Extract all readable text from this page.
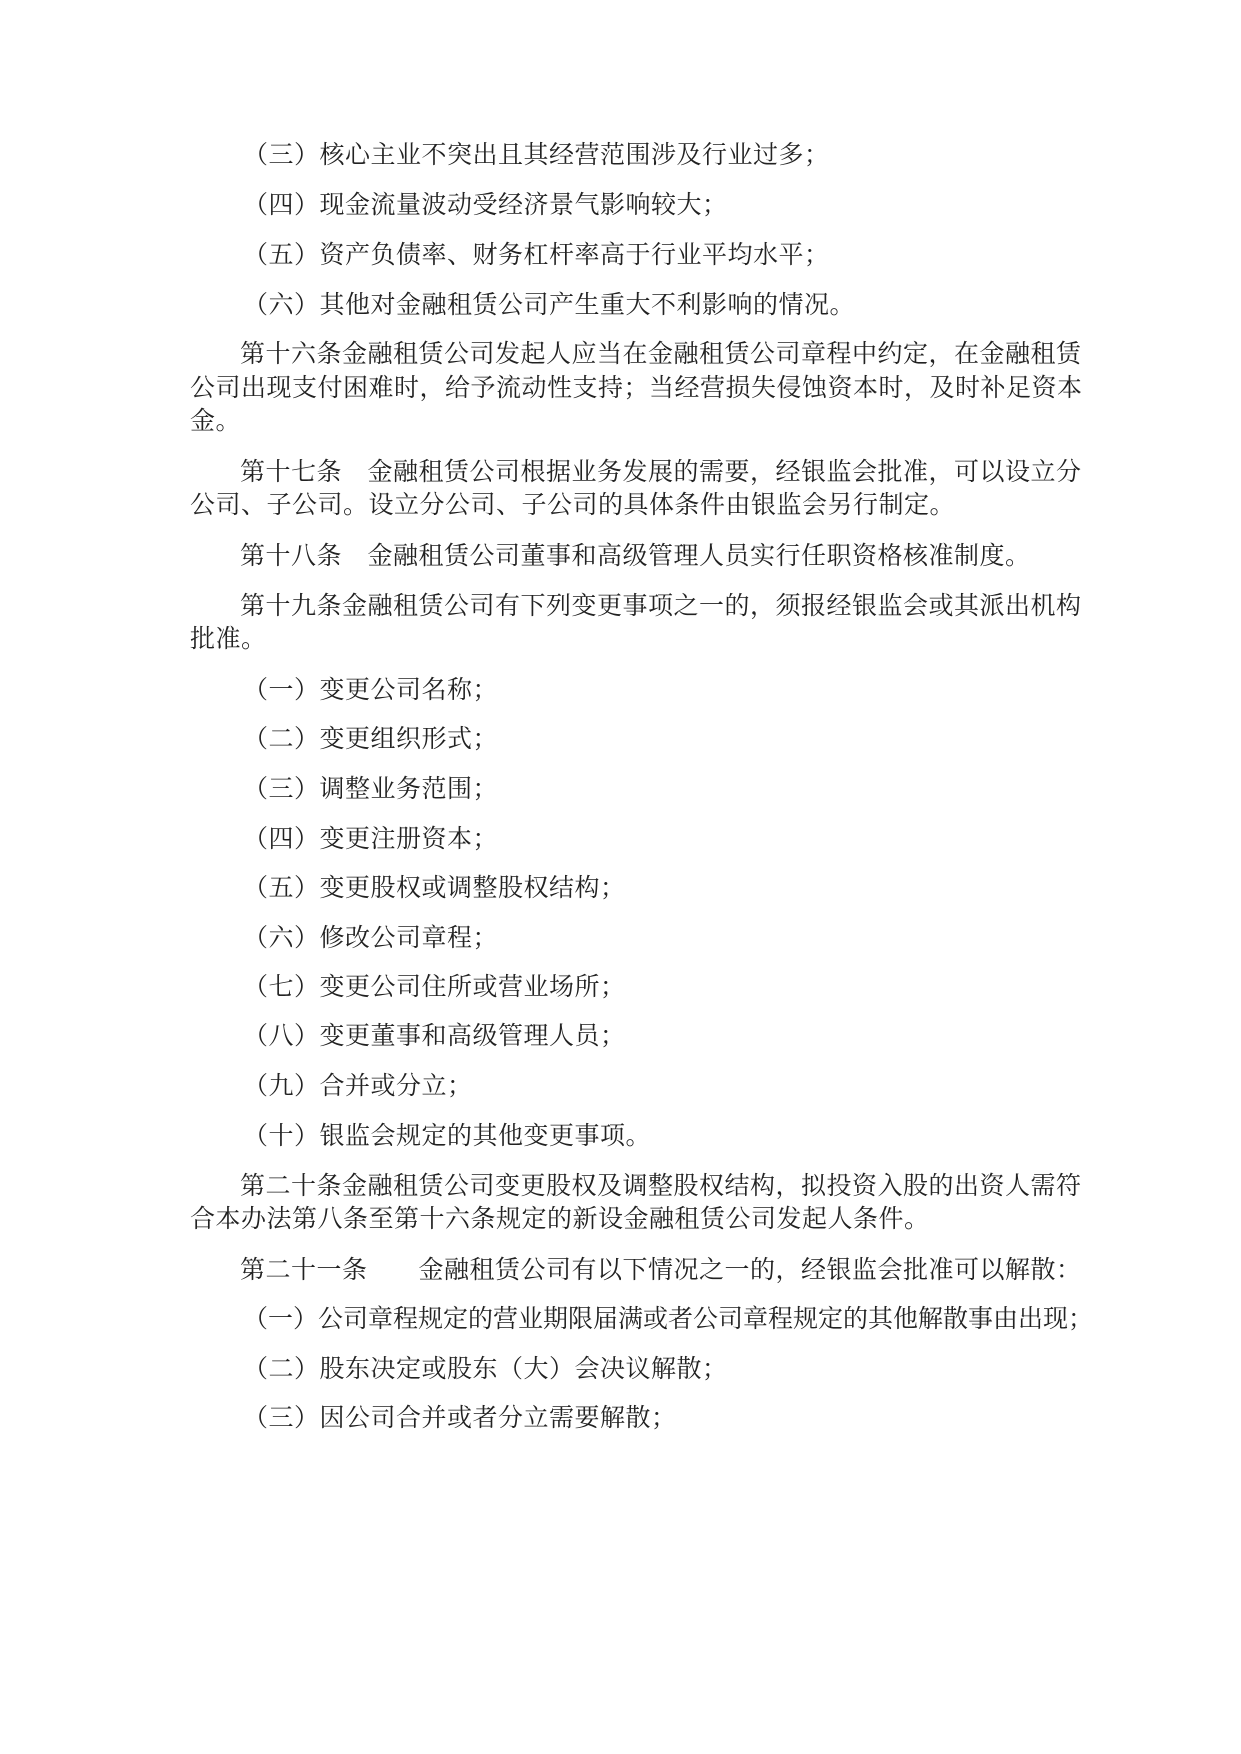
（三）核心主业不突出且其经营范围涉及行业过多；
（四）现金流量波动受经济景气影响较大；
（五）资产负债率、财务杠杆率高于行业平均水平；
（六）其他对金融租赁公司产生重大不利影响的情况。
第十六条金融租赁公司发起人应当在金融租赁公司章程中约定，在金融租赁
公司出现支付困难时，给予流动性支持；当经营损失侵蚀资本时，及时补足资本
金。
第十七条　金融租赁公司根据业务发展的需要，经银监会批准，可以设立分
公司、子公司。设立分公司、子公司的具体条件由银监会另行制定。
第十八条　金融租赁公司董事和高级管理人员实行任职资格核准制度。
第十九条金融租赁公司有下列变更事项之一的，须报经银监会或其派出机构
批准。
（一）变更公司名称；
（二）变更组织形式；
（三）调整业务范围；
（四）变更注册资本；
（五）变更股权或调整股权结构；
（六）修改公司章程；
（七）变更公司住所或营业场所；
（八）变更董事和高级管理人员；
（九）合并或分立；
（十）银监会规定的其他变更事项。
第二十条金融租赁公司变更股权及调整股权结构，拟投资入股的出资人需符
合本办法第八条至第十六条规定的新设金融租赁公司发起人条件。
第二十一条　　金融租赁公司有以下情况之一的，经银监会批准可以解散：
（一）公司章程规定的营业期限届满或者公司章程规定的其他解散事由出现；
（二）股东决定或股东（大）会决议解散；
（三）因公司合并或者分立需要解散；
